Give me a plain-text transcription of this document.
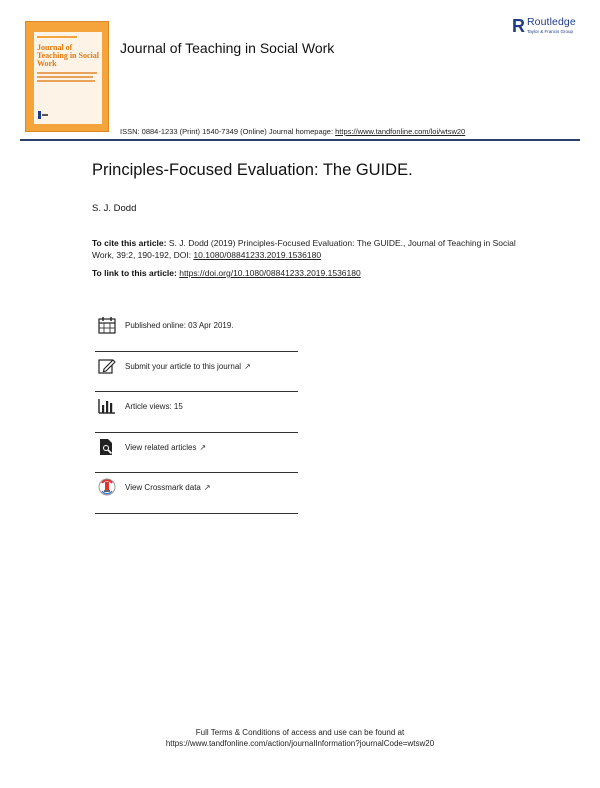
Journal of Teaching in Social Work
Journal of Teaching in Social Work
R Routledge
Taylor & Francis Group
ISSN: 0884-1233 (Print) 1540-7349 (Online) Journal homepage: https://www.tandfonline.com/loi/wtsw20
Principles-Focused Evaluation: The GUIDE.
S. J. Dodd
To cite this article: S. J. Dodd (2019) Principles-Focused Evaluation: The GUIDE., Journal of Teaching in Social Work, 39:2, 190-192, DOI: 10.1080/08841233.2019.1536180
To link to this article: https://doi.org/10.1080/08841233.2019.1536180
Published online: 03 Apr 2019.
Submit your article to this journal ↗
Article views: 15
View related articles ↗
View Crossmark data ↗
Full Terms & Conditions of access and use can be found at
https://www.tandfonline.com/action/journalInformation?journalCode=wtsw20
